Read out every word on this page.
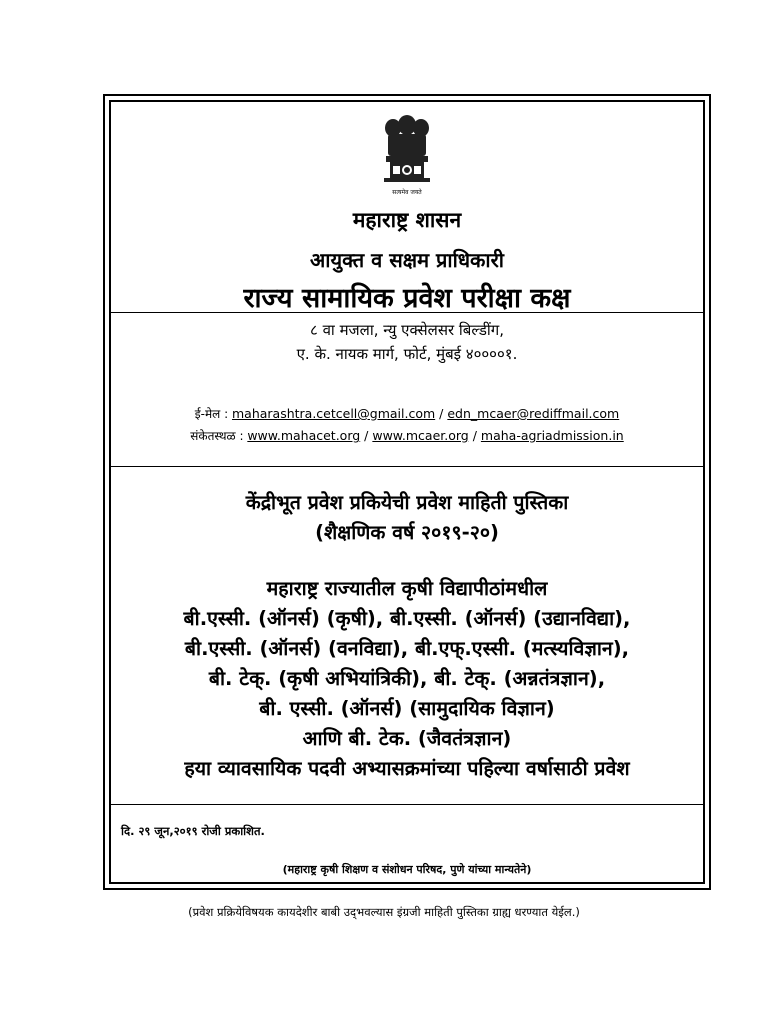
सत्यमेव जयते
महाराष्ट्र शासन
आयुक्त व सक्षम प्राधिकारी
राज्य सामायिक प्रवेश परीक्षा कक्ष
८ वा मजला, न्यु एक्सेलसर बिल्डींग,
ए. के. नायक मार्ग, फोर्ट, मुंबई ४००००१.
ई-मेल : maharashtra.cetcell@gmail.com / edn_mcaer@rediffmail.com
संकेतस्थळ : www.mahacet.org / www.mcaer.org / maha-agriadmission.in
केंद्रीभूत प्रवेश प्रकियेची प्रवेश माहिती पुस्तिका
(शैक्षणिक वर्ष २०१९-२०)
महाराष्ट्र राज्यातील कृषी विद्यापीठांमधील
बी.एस्सी. (ऑनर्स) (कृषी), बी.एस्सी. (ऑनर्स) (उद्यानविद्या),
बी.एस्सी. (ऑनर्स) (वनविद्या), बी.एफ्.एस्सी. (मत्स्यविज्ञान),
बी. टेक्. (कृषी अभियांत्रिकी), बी. टेक्. (अन्नतंत्रज्ञान),
बी. एस्सी. (ऑनर्स) (सामुदायिक विज्ञान)
आणि बी. टेक. (जैवतंत्रज्ञान)
हया व्यावसायिक पदवी अभ्यासक्रमांच्या पहिल्या वर्षासाठी प्रवेश
दि. २९ जून,२०१९ रोजी प्रकाशित.
(महाराष्ट्र कृषी शिक्षण व संशोधन परिषद, पुणे यांच्या मान्यतेने)
(प्रवेश प्रक्रियेविषयक कायदेशीर बाबी उद्‌भवल्यास इंग्रजी माहिती पुस्तिका ग्राह्य धरण्यात येईल.)
